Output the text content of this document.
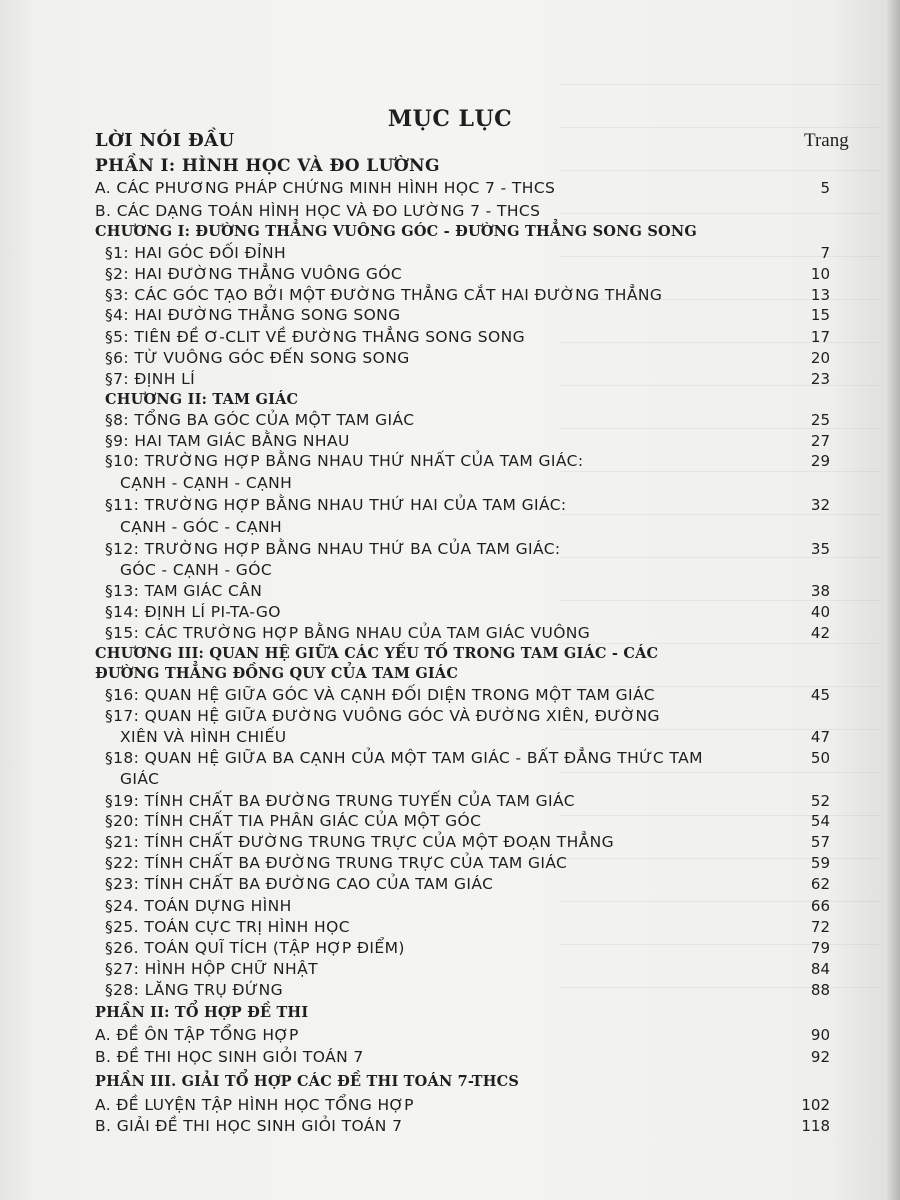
MỤC LỤC
Trang
LỜI NÓI ĐẦU
PHẦN I: HÌNH HỌC VÀ ĐO LƯỜNG
A. CÁC PHƯƠNG PHÁP CHỨNG MINH HÌNH HỌC 7 - THCS	5
B. CÁC DẠNG TOÁN HÌNH HỌC VÀ ĐO LƯỜNG 7 - THCS
CHƯƠNG I: ĐƯỜNG THẲNG VUÔNG GÓC - ĐƯỜNG THẲNG SONG SONG
§1: HAI GÓC ĐỐI ĐỈNH	7
§2: HAI ĐƯỜNG THẲNG VUÔNG GÓC	10
§3: CÁC GÓC TẠO BỞI MỘT ĐƯỜNG THẲNG CẮT HAI ĐƯỜNG THẲNG	13
§4: HAI ĐƯỜNG THẲNG SONG SONG	15
§5: TIÊN ĐỀ Ơ-CLIT VỀ ĐƯỜNG THẲNG SONG SONG	17
§6: TỪ VUÔNG GÓC ĐẾN SONG SONG	20
§7: ĐỊNH LÍ	23
CHƯƠNG II: TAM GIÁC
§8: TỔNG BA GÓC CỦA MỘT TAM GIÁC	25
§9: HAI TAM GIÁC BẰNG NHAU	27
§10: TRƯỜNG HỢP BẰNG NHAU THỨ NHẤT CỦA TAM GIÁC:	29
CẠNH - CẠNH - CẠNH
§11: TRƯỜNG HỢP BẰNG NHAU THỨ HAI CỦA TAM GIÁC:	32
CẠNH - GÓC - CẠNH
§12: TRƯỜNG HỢP BẰNG NHAU THỨ BA CỦA TAM GIÁC:	35
GÓC - CẠNH - GÓC
§13: TAM GIÁC CÂN	38
§14: ĐỊNH LÍ PI-TA-GO	40
§15: CÁC TRƯỜNG HỢP BẰNG NHAU CỦA TAM GIÁC VUÔNG	42
CHƯƠNG III: QUAN HỆ GIỮA CÁC YẾU TỐ TRONG TAM GIÁC - CÁC
ĐƯỜNG THẲNG ĐỒNG QUY CỦA TAM GIÁC
§16: QUAN HỆ GIỮA GÓC VÀ CẠNH ĐỐI DIỆN TRONG MỘT TAM GIÁC	45
§17: QUAN HỆ GIỮA ĐƯỜNG VUÔNG GÓC VÀ ĐƯỜNG XIÊN, ĐƯỜNG
XIÊN VÀ HÌNH CHIẾU	47
§18: QUAN HỆ GIỮA BA CẠNH CỦA MỘT TAM GIÁC - BẤT ĐẲNG THỨC TAM	50
GIÁC
§19: TÍNH CHẤT BA ĐƯỜNG TRUNG TUYẾN CỦA TAM GIÁC	52
§20: TÍNH CHẤT TIA PHÂN GIÁC CỦA MỘT GÓC	54
§21: TÍNH CHẤT ĐƯỜNG TRUNG TRỰC CỦA MỘT ĐOẠN THẲNG	57
§22: TÍNH CHẤT BA ĐƯỜNG TRUNG TRỰC CỦA TAM GIÁC	59
§23: TÍNH CHẤT BA ĐƯỜNG CAO CỦA TAM GIÁC	62
§24. TOÁN DỰNG HÌNH	66
§25. TOÁN CỰC TRỊ HÌNH HỌC	72
§26. TOÁN QUĨ TÍCH (TẬP HỢP ĐIỂM)	79
§27: HÌNH HỘP CHỮ NHẬT	84
§28: LĂNG TRỤ ĐỨNG	88
PHẦN II: TỔ HỢP ĐỀ THI
A. ĐỀ ÔN TẬP TỔNG HỢP	90
B. ĐỀ THI HỌC SINH GIỎI TOÁN 7	92
PHẦN III. GIẢI TỔ HỢP CÁC ĐỀ THI TOÁN 7-THCS
A. ĐỀ LUYỆN TẬP HÌNH HỌC TỔNG HỢP	102
B. GIẢI ĐỀ THI HỌC SINH GIỎI TOÁN 7	118
